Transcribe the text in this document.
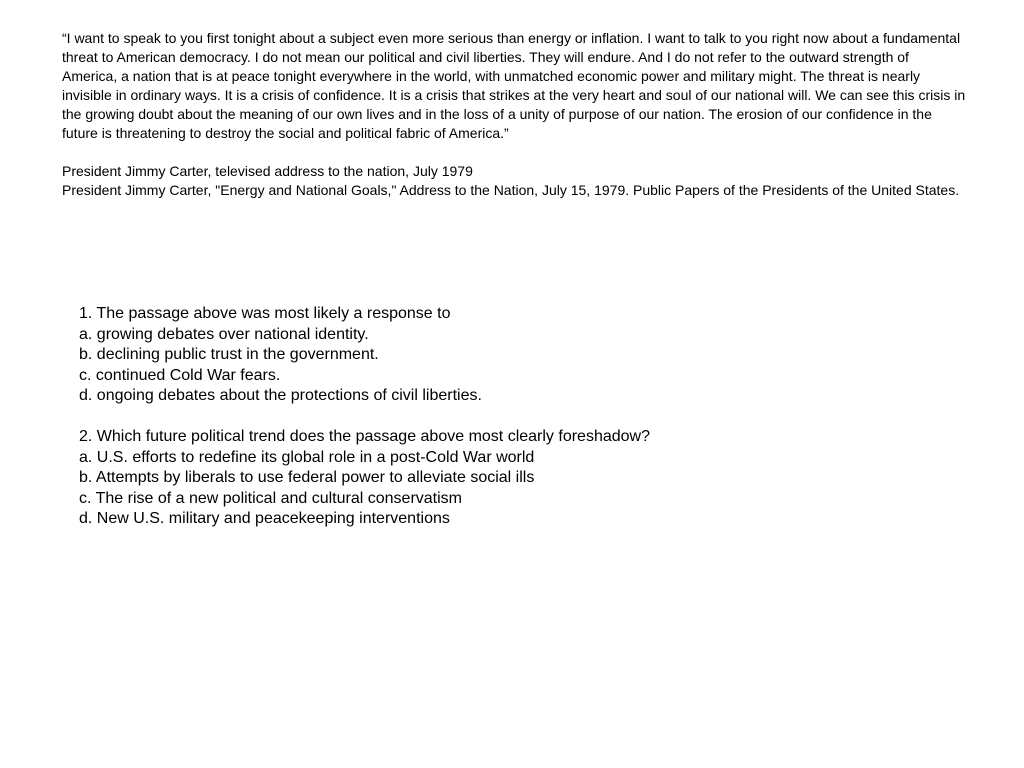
“I want to speak to you first tonight about a subject even more serious than energy or inflation. I want to talk to you right now about a fundamental threat to American democracy. I do not mean our political and civil liberties. They will endure. And I do not refer to the outward strength of America, a nation that is at peace tonight everywhere in the world, with unmatched economic power and military might. The threat is nearly invisible in ordinary ways. It is a crisis of confidence. It is a crisis that strikes at the very heart and soul of our national will. We can see this crisis in the growing doubt about the meaning of our own lives and in the loss of a unity of purpose of our nation. The erosion of our confidence in the future is threatening to destroy the social and political fabric of America.”

President Jimmy Carter, televised address to the nation, July 1979

President Jimmy Carter, "Energy and National Goals," Address to the Nation, July 15, 1979. Public Papers of the Presidents of the United States.

1. The passage above was most likely a response to
a. growing debates over national identity.
b. declining public trust in the government.
c. continued Cold War fears.
d. ongoing debates about the protections of civil liberties.
2. Which future political trend does the passage above most clearly foreshadow?
a. U.S. efforts to redefine its global role in a post-Cold War world
b. Attempts by liberals to use federal power to alleviate social ills
c. The rise of a new political and cultural conservatism
d. New U.S. military and peacekeeping interventions
